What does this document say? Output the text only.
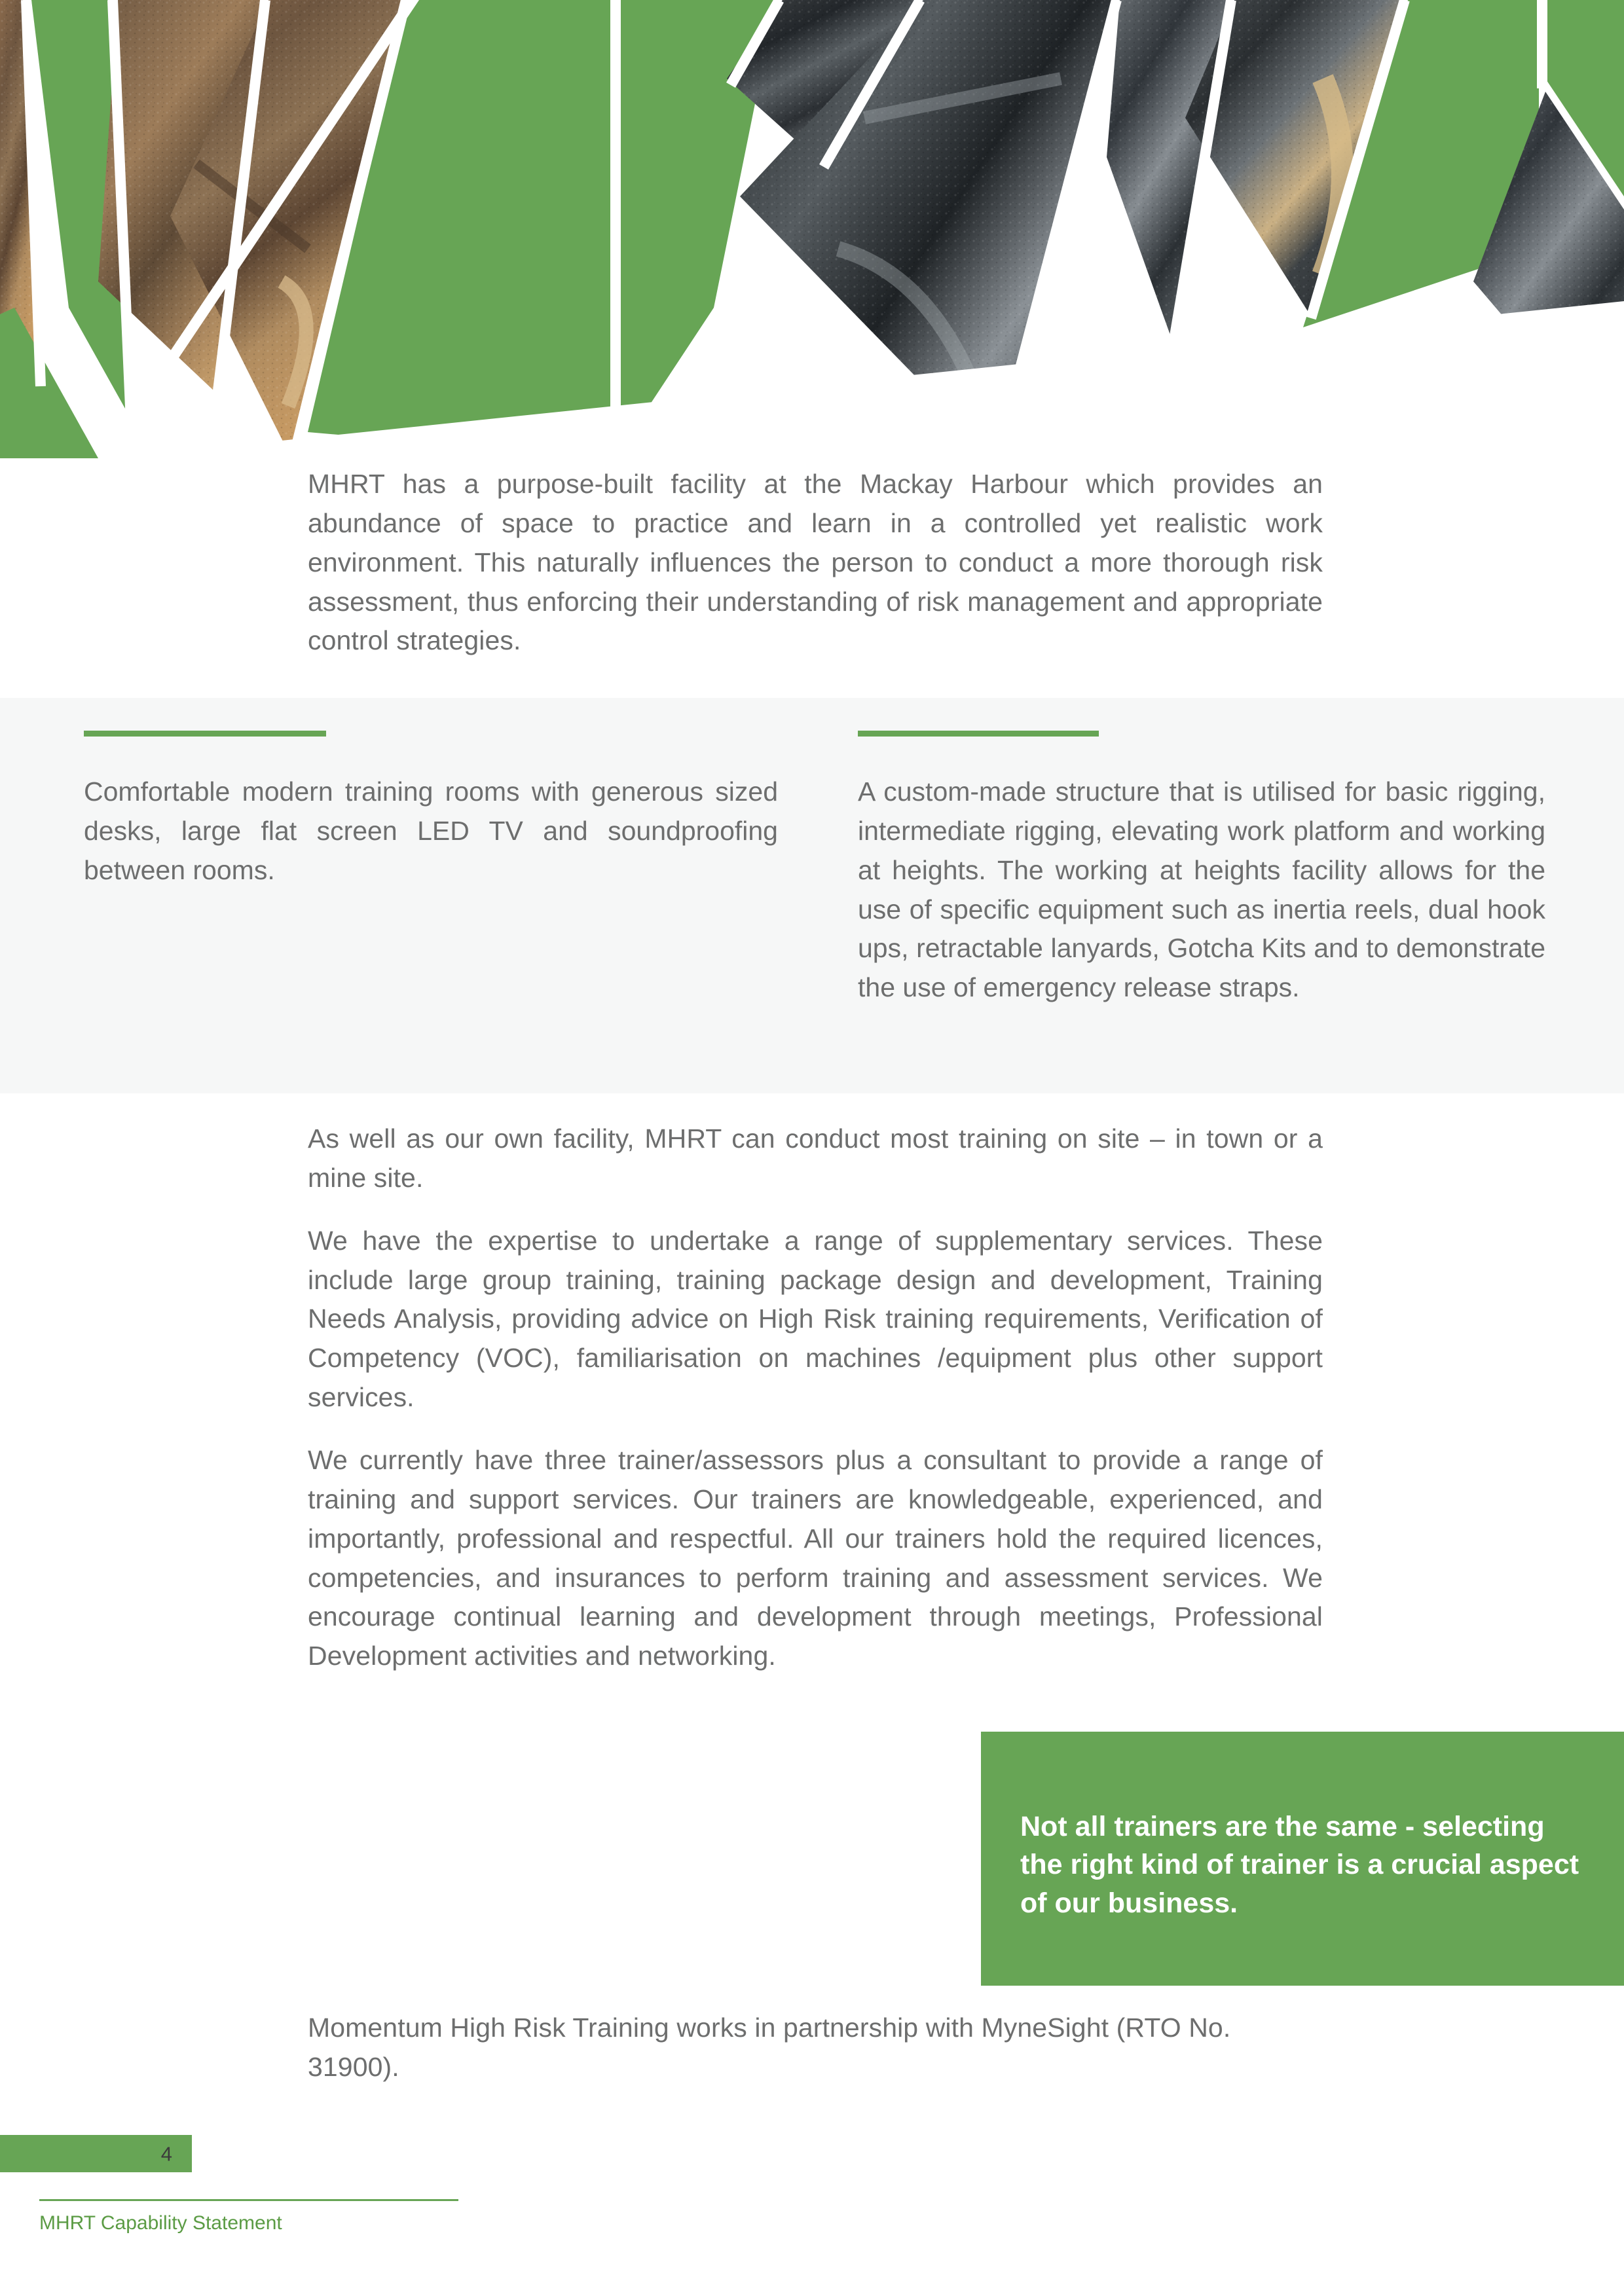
MHRT has a purpose-built facility at the Mackay Harbour which provides an abundance of space to practice and learn in a controlled yet realistic work environment. This naturally influences the person to conduct a more thorough risk assessment, thus enforcing their understanding of risk management and appropriate control strategies.

Comfortable modern training rooms with generous sized desks, large flat screen LED TV and soundproofing between rooms.

A custom-made structure that is utilised for basic rigging, intermediate rigging, elevating work platform and working at heights. The working at heights facility allows for the use of specific equipment such as inertia reels, dual hook ups, retractable lanyards, Gotcha Kits and to demonstrate the use of emergency release straps.

As well as our own facility, MHRT can conduct most training on site – in town or a mine site.

We have the expertise to undertake a range of supplementary services. These include large group training, training package design and development, Training Needs Analysis, providing advice on High Risk training requirements, Verification of Competency (VOC), familiarisation on machines /equipment plus other support services.

We currently have three trainer/assessors plus a consultant to provide a range of training and support services. Our trainers are knowledgeable, experienced, and importantly, professional and respectful. All our trainers hold the required licences, competencies, and insurances to perform training and assessment services. We encourage continual learning and development through meetings, Professional Development activities and networking.

Not all trainers are the same - selecting the right kind of trainer is a crucial aspect of our business.

Momentum High Risk Training works in partnership with MyneSight (RTO No. 31900).

4
MHRT Capability Statement
